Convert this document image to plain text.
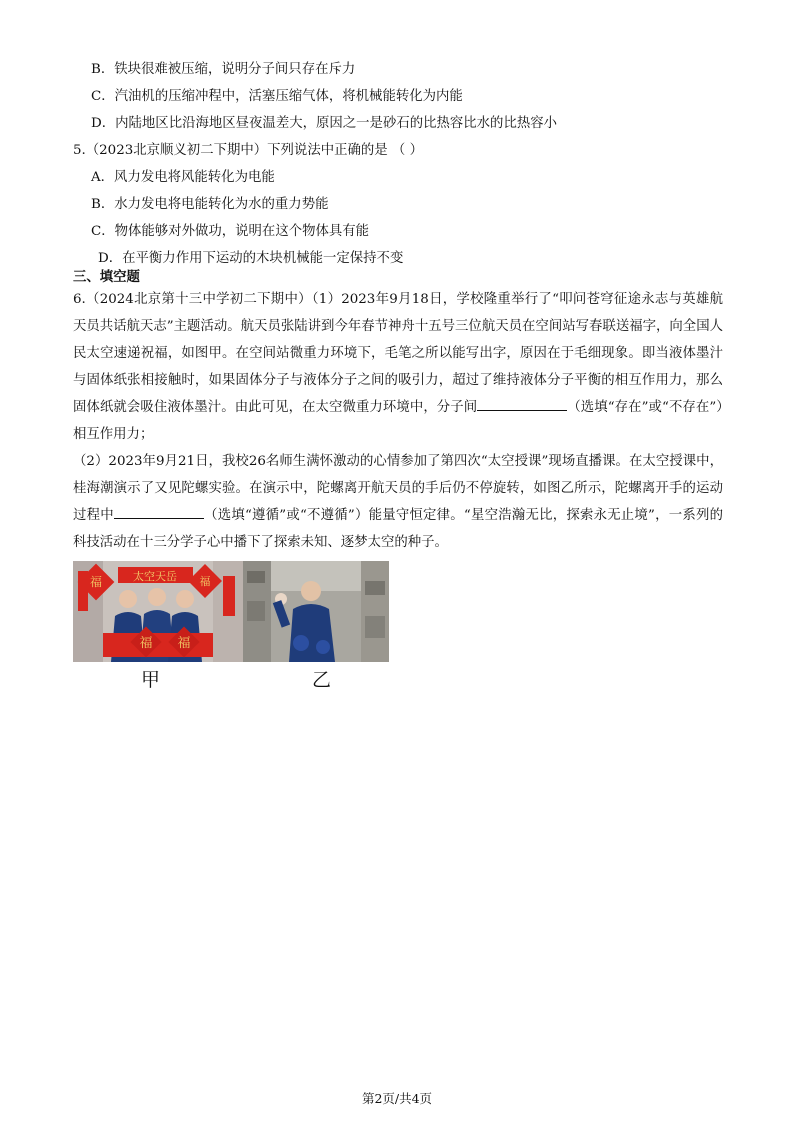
B．铁块很难被压缩，说明分子间只存在斥力
C．汽油机的压缩冲程中，活塞压缩气体，将机械能转化为内能
D．内陆地区比沿海地区昼夜温差大，原因之一是砂石的比热容比水的比热容小
5.（2023北京顺义初二下期中）下列说法中正确的是 （ ）
A．风力发电将风能转化为电能
B．水力发电将电能转化为水的重力势能
C．物体能够对外做功，说明在这个物体具有能
D．在平衡力作用下运动的木块机械能一定保持不变
三、填空题

6.（2024北京第十三中学初二下期中）（1）2023年9月18日，学校隆重举行了“叩问苍穹征途永志与英雄航天员共话航天志”主题活动。航天员张陆讲到今年春节神舟十五号三位航天员在空间站写春联送福字，向全国人民太空速递祝福，如图甲。在空间站微重力环境下，毛笔之所以能写出字，原因在于毛细现象。即当液体墨汁与固体纸张相接触时，如果固体分子与液体分子之间的吸引力，超过了维持液体分子平衡的相互作用力，那么固体纸就会吸住液体墨汁。由此可见，在太空微重力环境中，分子间	（选填“存在”或“不存在”）相互作用力；

（2）2023年9月21日，我校26名师生满怀激动的心情参加了第四次“太空授课”现场直播课。在太空授课中，桂海潮演示了又见陀螺实验。在演示中，陀螺离开航天员的手后仍不停旋转，如图乙所示，陀螺离开手的运动过程中	（选填“遵循”或“不遵循”）能量守恒定律。“星空浩瀚无比，探索永无止境”，一系列的科技活动在十三分学子心中播下了探索未知、逐梦太空的种子。

太空天岳
福	福
福 福
甲	乙
第2页/共4页
